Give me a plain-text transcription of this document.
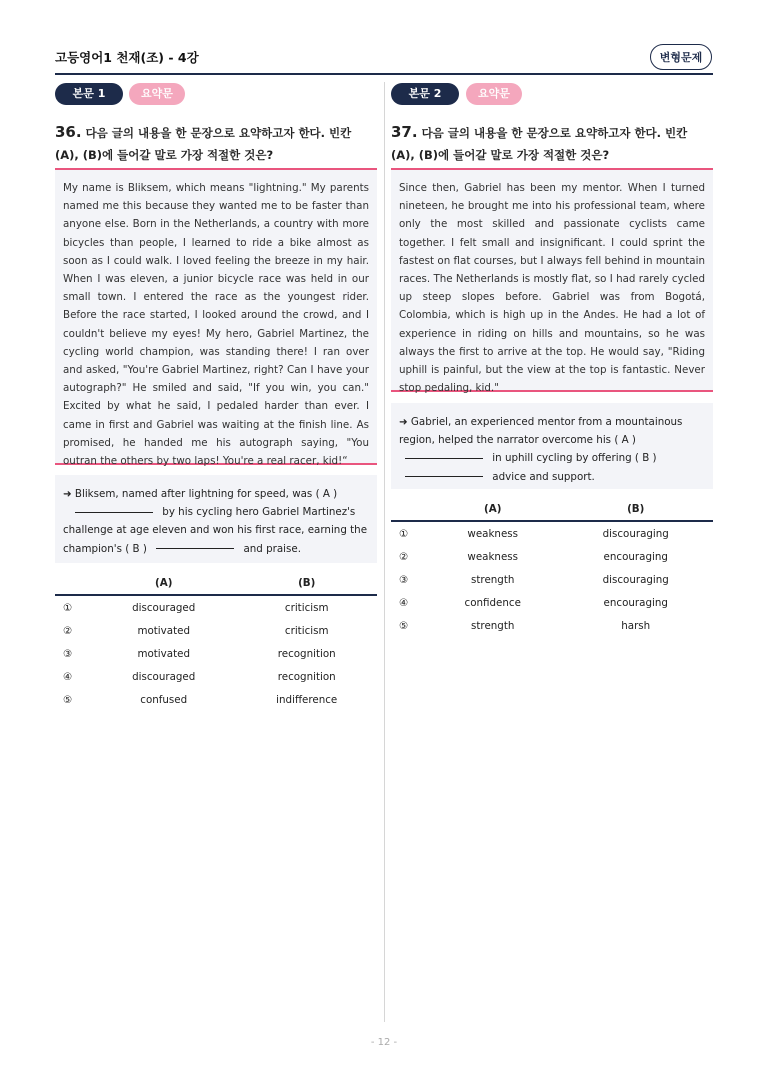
고등영어1 천재(조) - 4강	변형문제
본문 1	요약문
36. 다음 글의 내용을 한 문장으로 요약하고자 한다. 빈칸 (A), (B)에 들어갈 말로 가장 적절한 것은?
My name is Bliksem, which means "lightning." My parents named me this because they wanted me to be faster than anyone else. Born in the Netherlands, a country with more bicycles than people, I learned to ride a bike almost as soon as I could walk. I loved feeling the breeze in my hair. When I was eleven, a junior bicycle race was held in our small town. I entered the race as the youngest rider. Before the race started, I looked around the crowd, and I couldn't believe my eyes! My hero, Gabriel Martinez, the cycling world champion, was standing there! I ran over and asked, "You're Gabriel Martinez, right? Can I have your autograph?" He smiled and said, "If you win, you can." Excited by what he said, I pedaled harder than ever. I came in first and Gabriel was waiting at the finish line. As promised, he handed me his autograph saying, "You outran the others by two laps! You're a real racer, kid!“
➜ Bliksem, named after lightning for speed, was ( A )
by his cycling hero Gabriel Martinez's challenge at age eleven and won his first race, earning the champion's ( B )	and praise.
	(A)	(B)
①	discouraged	criticism
②	motivated	criticism
③	motivated	recognition
④	discouraged	recognition
⑤	confused	indifference
본문 2	요약문
37. 다음 글의 내용을 한 문장으로 요약하고자 한다. 빈칸 (A), (B)에 들어갈 말로 가장 적절한 것은?
Since then, Gabriel has been my mentor. When I turned nineteen, he brought me into his professional team, where only the most skilled and passionate cyclists came together. I felt small and insignificant. I could sprint the fastest on flat courses, but I always fell behind in mountain races. The Netherlands is mostly flat, so I had rarely cycled up steep slopes before. Gabriel was from Bogotá, Colombia, which is high up in the Andes. He had a lot of experience in riding on hills and mountains, so he was always the first to arrive at the top. He would say, "Riding uphill is painful, but the view at the top is fantastic. Never stop pedaling, kid."
➜ Gabriel, an experienced mentor from a mountainous region, helped the narrator overcome his ( A )  in uphill cycling by offering ( B )  advice and support.
	(A)	(B)
①	weakness	discouraging
②	weakness	encouraging
③	strength	discouraging
④	confidence	encouraging
⑤	strength	harsh
- 12 -
